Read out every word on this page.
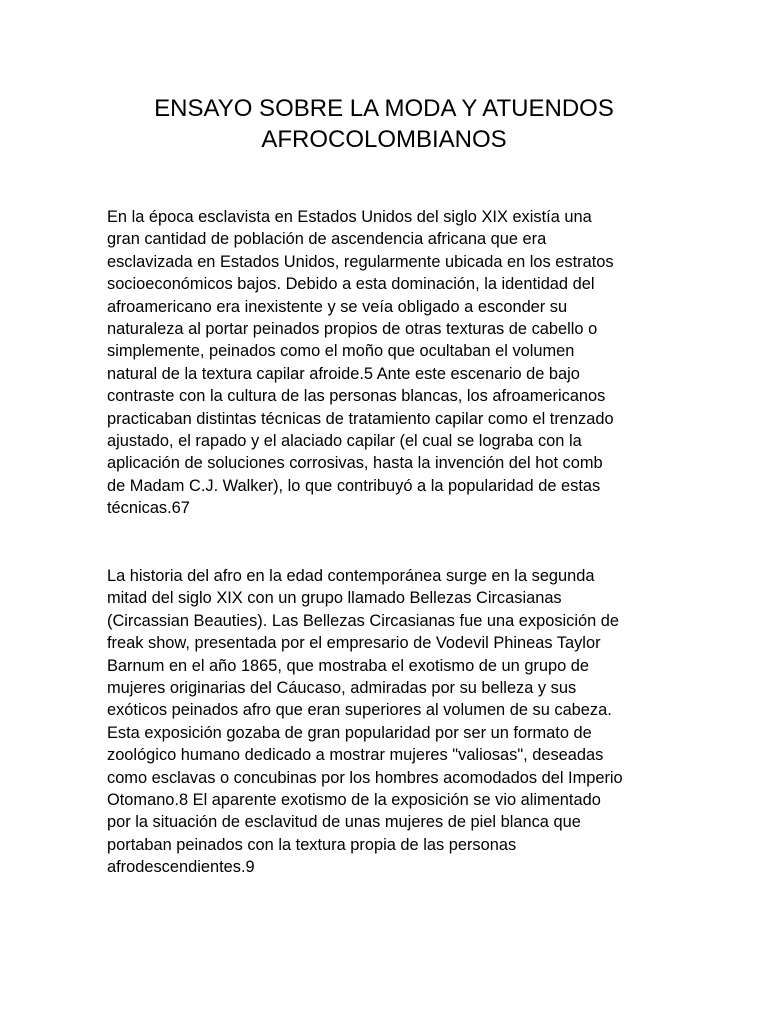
ENSAYO SOBRE LA MODA Y ATUENDOS
AFROCOLOMBIANOS

En la época esclavista en Estados Unidos del siglo XIX existía una
gran cantidad de población de ascendencia africana que era
esclavizada en Estados Unidos, regularmente ubicada en los estratos
socioeconómicos bajos. Debido a esta dominación, la identidad del
afroamericano era inexistente y se veía obligado a esconder su
naturaleza al portar peinados propios de otras texturas de cabello o
simplemente, peinados como el moño que ocultaban el volumen
natural de la textura capilar afroide.5 Ante este escenario de bajo
contraste con la cultura de las personas blancas, los afroamericanos
practicaban distintas técnicas de tratamiento capilar como el trenzado
ajustado, el rapado y el alaciado capilar (el cual se lograba con la
aplicación de soluciones corrosivas, hasta la invención del hot comb
de Madam C.J. Walker), lo que contribuyó a la popularidad de estas
técnicas.67

La historia del afro en la edad contemporánea surge en la segunda
mitad del siglo XIX con un grupo llamado Bellezas Circasianas
(Circassian Beauties). Las Bellezas Circasianas fue una exposición de
freak show, presentada por el empresario de Vodevil Phineas Taylor
Barnum en el año 1865, que mostraba el exotismo de un grupo de
mujeres originarias del Cáucaso, admiradas por su belleza y sus
exóticos peinados afro que eran superiores al volumen de su cabeza.
Esta exposición gozaba de gran popularidad por ser un formato de
zoológico humano dedicado a mostrar mujeres "valiosas", deseadas
como esclavas o concubinas por los hombres acomodados del Imperio
Otomano.8 El aparente exotismo de la exposición se vio alimentado
por la situación de esclavitud de unas mujeres de piel blanca que
portaban peinados con la textura propia de las personas
afrodescendientes.9
